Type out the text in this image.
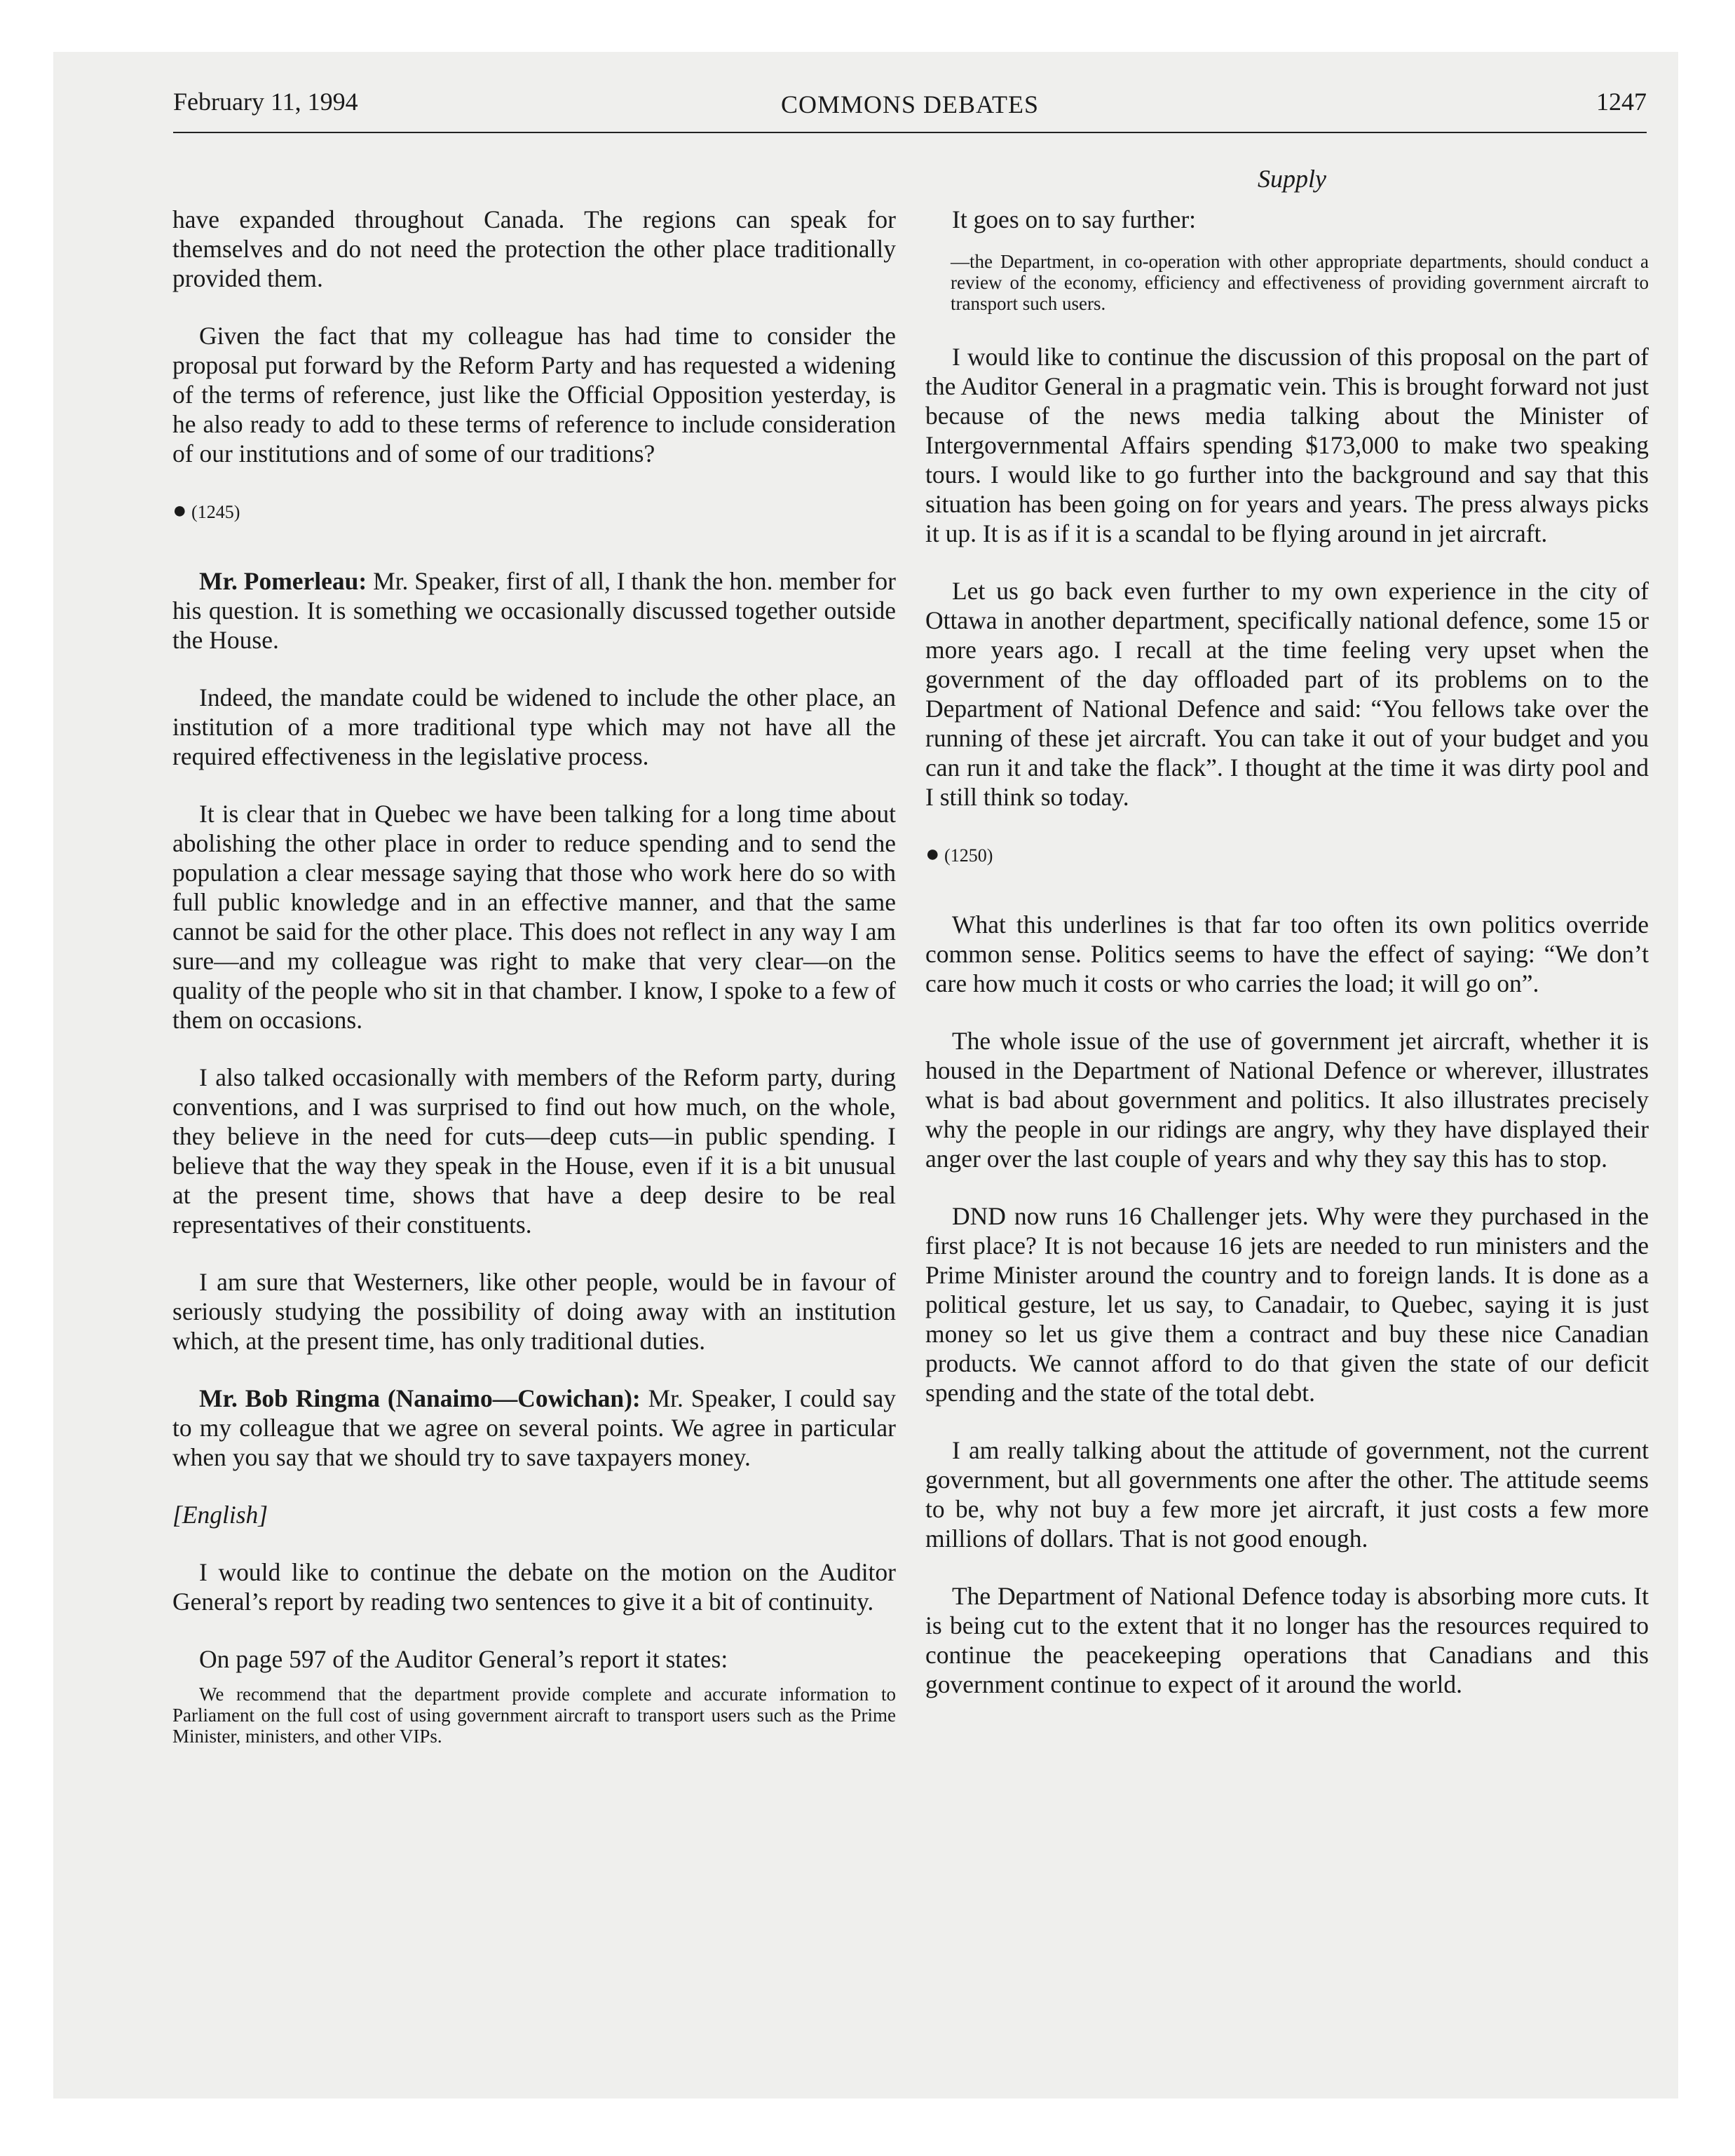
February 11, 1994	COMMONS DEBATES	1247
Supply

have expanded throughout Canada. The regions can speak for themselves and do not need the protection the other place traditionally provided them.

Given the fact that my colleague has had time to consider the proposal put forward by the Reform Party and has requested a widening of the terms of reference, just like the Official Opposition yesterday, is he also ready to add to these terms of reference to include consideration of our institutions and of some of our traditions?

● (1245)

Mr. Pomerleau: Mr. Speaker, first of all, I thank the hon. member for his question. It is something we occasionally discussed together outside the House.

Indeed, the mandate could be widened to include the other place, an institution of a more traditional type which may not have all the required effectiveness in the legislative process.

It is clear that in Quebec we have been talking for a long time about abolishing the other place in order to reduce spending and to send the population a clear message saying that those who work here do so with full public knowledge and in an effective manner, and that the same cannot be said for the other place. This does not reflect in any way I am sure—and my colleague was right to make that very clear—on the quality of the people who sit in that chamber. I know, I spoke to a few of them on occasions.

I also talked occasionally with members of the Reform party, during conventions, and I was surprised to find out how much, on the whole, they believe in the need for cuts—deep cuts—in public spending. I believe that the way they speak in the House, even if it is a bit unusual at the present time, shows that have a deep desire to be real representatives of their constituents.

I am sure that Westerners, like other people, would be in favour of seriously studying the possibility of doing away with an institution which, at the present time, has only traditional duties.

Mr. Bob Ringma (Nanaimo—Cowichan): Mr. Speaker, I could say to my colleague that we agree on several points. We agree in particular when you say that we should try to save taxpayers money.

[English]

I would like to continue the debate on the motion on the Auditor General’s report by reading two sentences to give it a bit of continuity.

On page 597 of the Auditor General’s report it states:

We recommend that the department provide complete and accurate information to Parliament on the full cost of using government aircraft to transport users such as the Prime Minister, ministers, and other VIPs.

It goes on to say further:

—the Department, in co-operation with other appropriate departments, should conduct a review of the economy, efficiency and effectiveness of providing government aircraft to transport such users.

I would like to continue the discussion of this proposal on the part of the Auditor General in a pragmatic vein. This is brought forward not just because of the news media talking about the Minister of Intergovernmental Affairs spending $173,000 to make two speaking tours. I would like to go further into the background and say that this situation has been going on for years and years. The press always picks it up. It is as if it is a scandal to be flying around in jet aircraft.

Let us go back even further to my own experience in the city of Ottawa in another department, specifically national defence, some 15 or more years ago. I recall at the time feeling very upset when the government of the day offloaded part of its problems on to the Department of National Defence and said: “You fellows take over the running of these jet aircraft. You can take it out of your budget and you can run it and take the flack”. I thought at the time it was dirty pool and I still think so today.

● (1250)

What this underlines is that far too often its own politics override common sense. Politics seems to have the effect of saying: “We don’t care how much it costs or who carries the load; it will go on”.

The whole issue of the use of government jet aircraft, whether it is housed in the Department of National Defence or wherever, illustrates what is bad about government and politics. It also illustrates precisely why the people in our ridings are angry, why they have displayed their anger over the last couple of years and why they say this has to stop.

DND now runs 16 Challenger jets. Why were they purchased in the first place? It is not because 16 jets are needed to run ministers and the Prime Minister around the country and to foreign lands. It is done as a political gesture, let us say, to Canadair, to Quebec, saying it is just money so let us give them a contract and buy these nice Canadian products. We cannot afford to do that given the state of our deficit spending and the state of the total debt.

I am really talking about the attitude of government, not the current government, but all governments one after the other. The attitude seems to be, why not buy a few more jet aircraft, it just costs a few more millions of dollars. That is not good enough.

The Department of National Defence today is absorbing more cuts. It is being cut to the extent that it no longer has the resources required to continue the peacekeeping operations that Canadians and this government continue to expect of it around the world.
